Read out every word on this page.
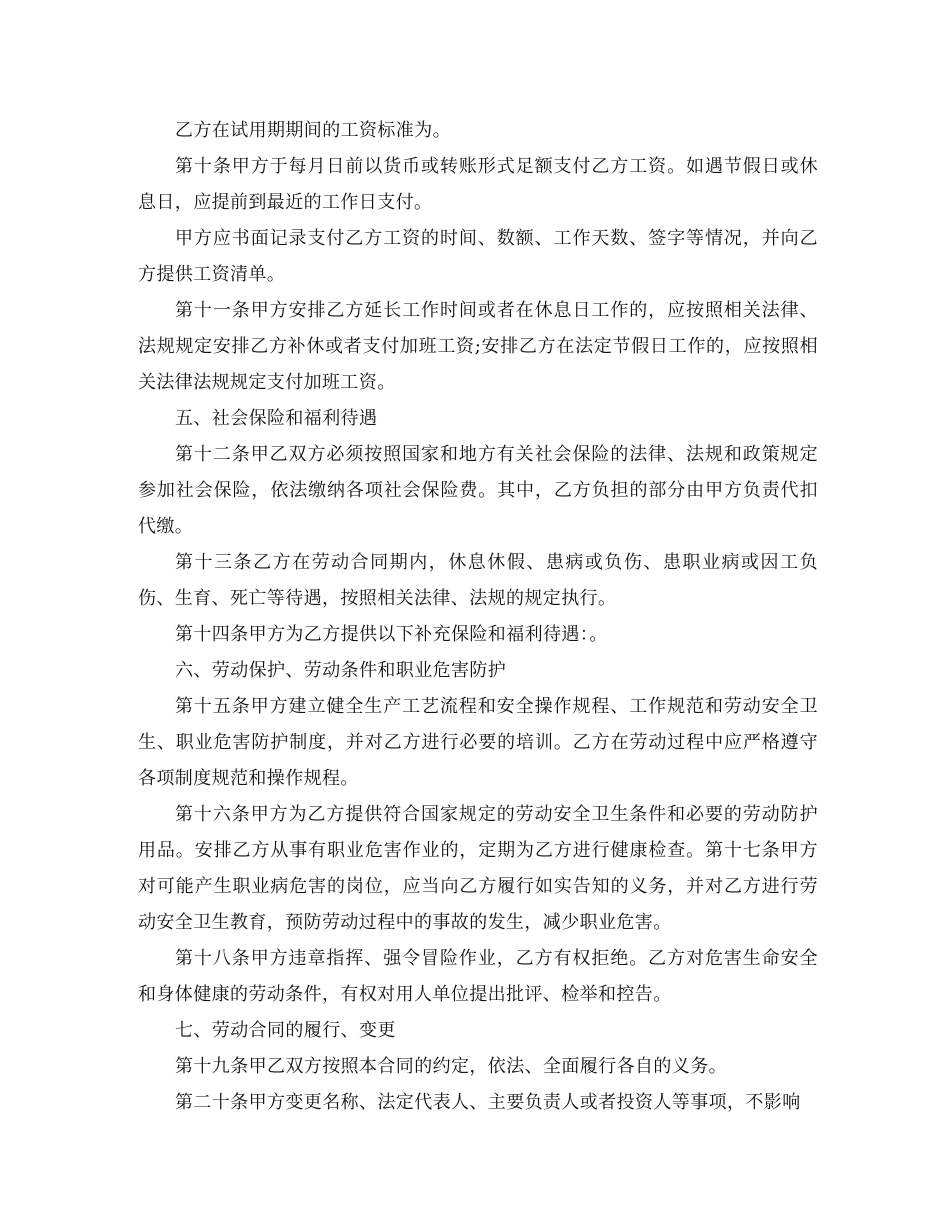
乙方在试用期期间的工资标准为。

第十条甲方于每月日前以货币或转账形式足额支付乙方工资。如遇节假日或休息日，应提前到最近的工作日支付。

甲方应书面记录支付乙方工资的时间、数额、工作天数、签字等情况，并向乙方提供工资清单。

第十一条甲方安排乙方延长工作时间或者在休息日工作的，应按照相关法律、法规规定安排乙方补休或者支付加班工资;安排乙方在法定节假日工作的，应按照相关法律法规规定支付加班工资。

五、社会保险和福利待遇

第十二条甲乙双方必须按照国家和地方有关社会保险的法律、法规和政策规定参加社会保险，依法缴纳各项社会保险费。其中，乙方负担的部分由甲方负责代扣代缴。

第十三条乙方在劳动合同期内，休息休假、患病或负伤、患职业病或因工负伤、生育、死亡等待遇，按照相关法律、法规的规定执行。

第十四条甲方为乙方提供以下补充保险和福利待遇：。

六、劳动保护、劳动条件和职业危害防护

第十五条甲方建立健全生产工艺流程和安全操作规程、工作规范和劳动安全卫生、职业危害防护制度，并对乙方进行必要的培训。乙方在劳动过程中应严格遵守各项制度规范和操作规程。

第十六条甲方为乙方提供符合国家规定的劳动安全卫生条件和必要的劳动防护用品。安排乙方从事有职业危害作业的，定期为乙方进行健康检查。第十七条甲方对可能产生职业病危害的岗位，应当向乙方履行如实告知的义务，并对乙方进行劳动安全卫生教育，预防劳动过程中的事故的发生，减少职业危害。

第十八条甲方违章指挥、强令冒险作业，乙方有权拒绝。乙方对危害生命安全和身体健康的劳动条件，有权对用人单位提出批评、检举和控告。

七、劳动合同的履行、变更

第十九条甲乙双方按照本合同的约定，依法、全面履行各自的义务。

第二十条甲方变更名称、法定代表人、主要负责人或者投资人等事项，不影响
